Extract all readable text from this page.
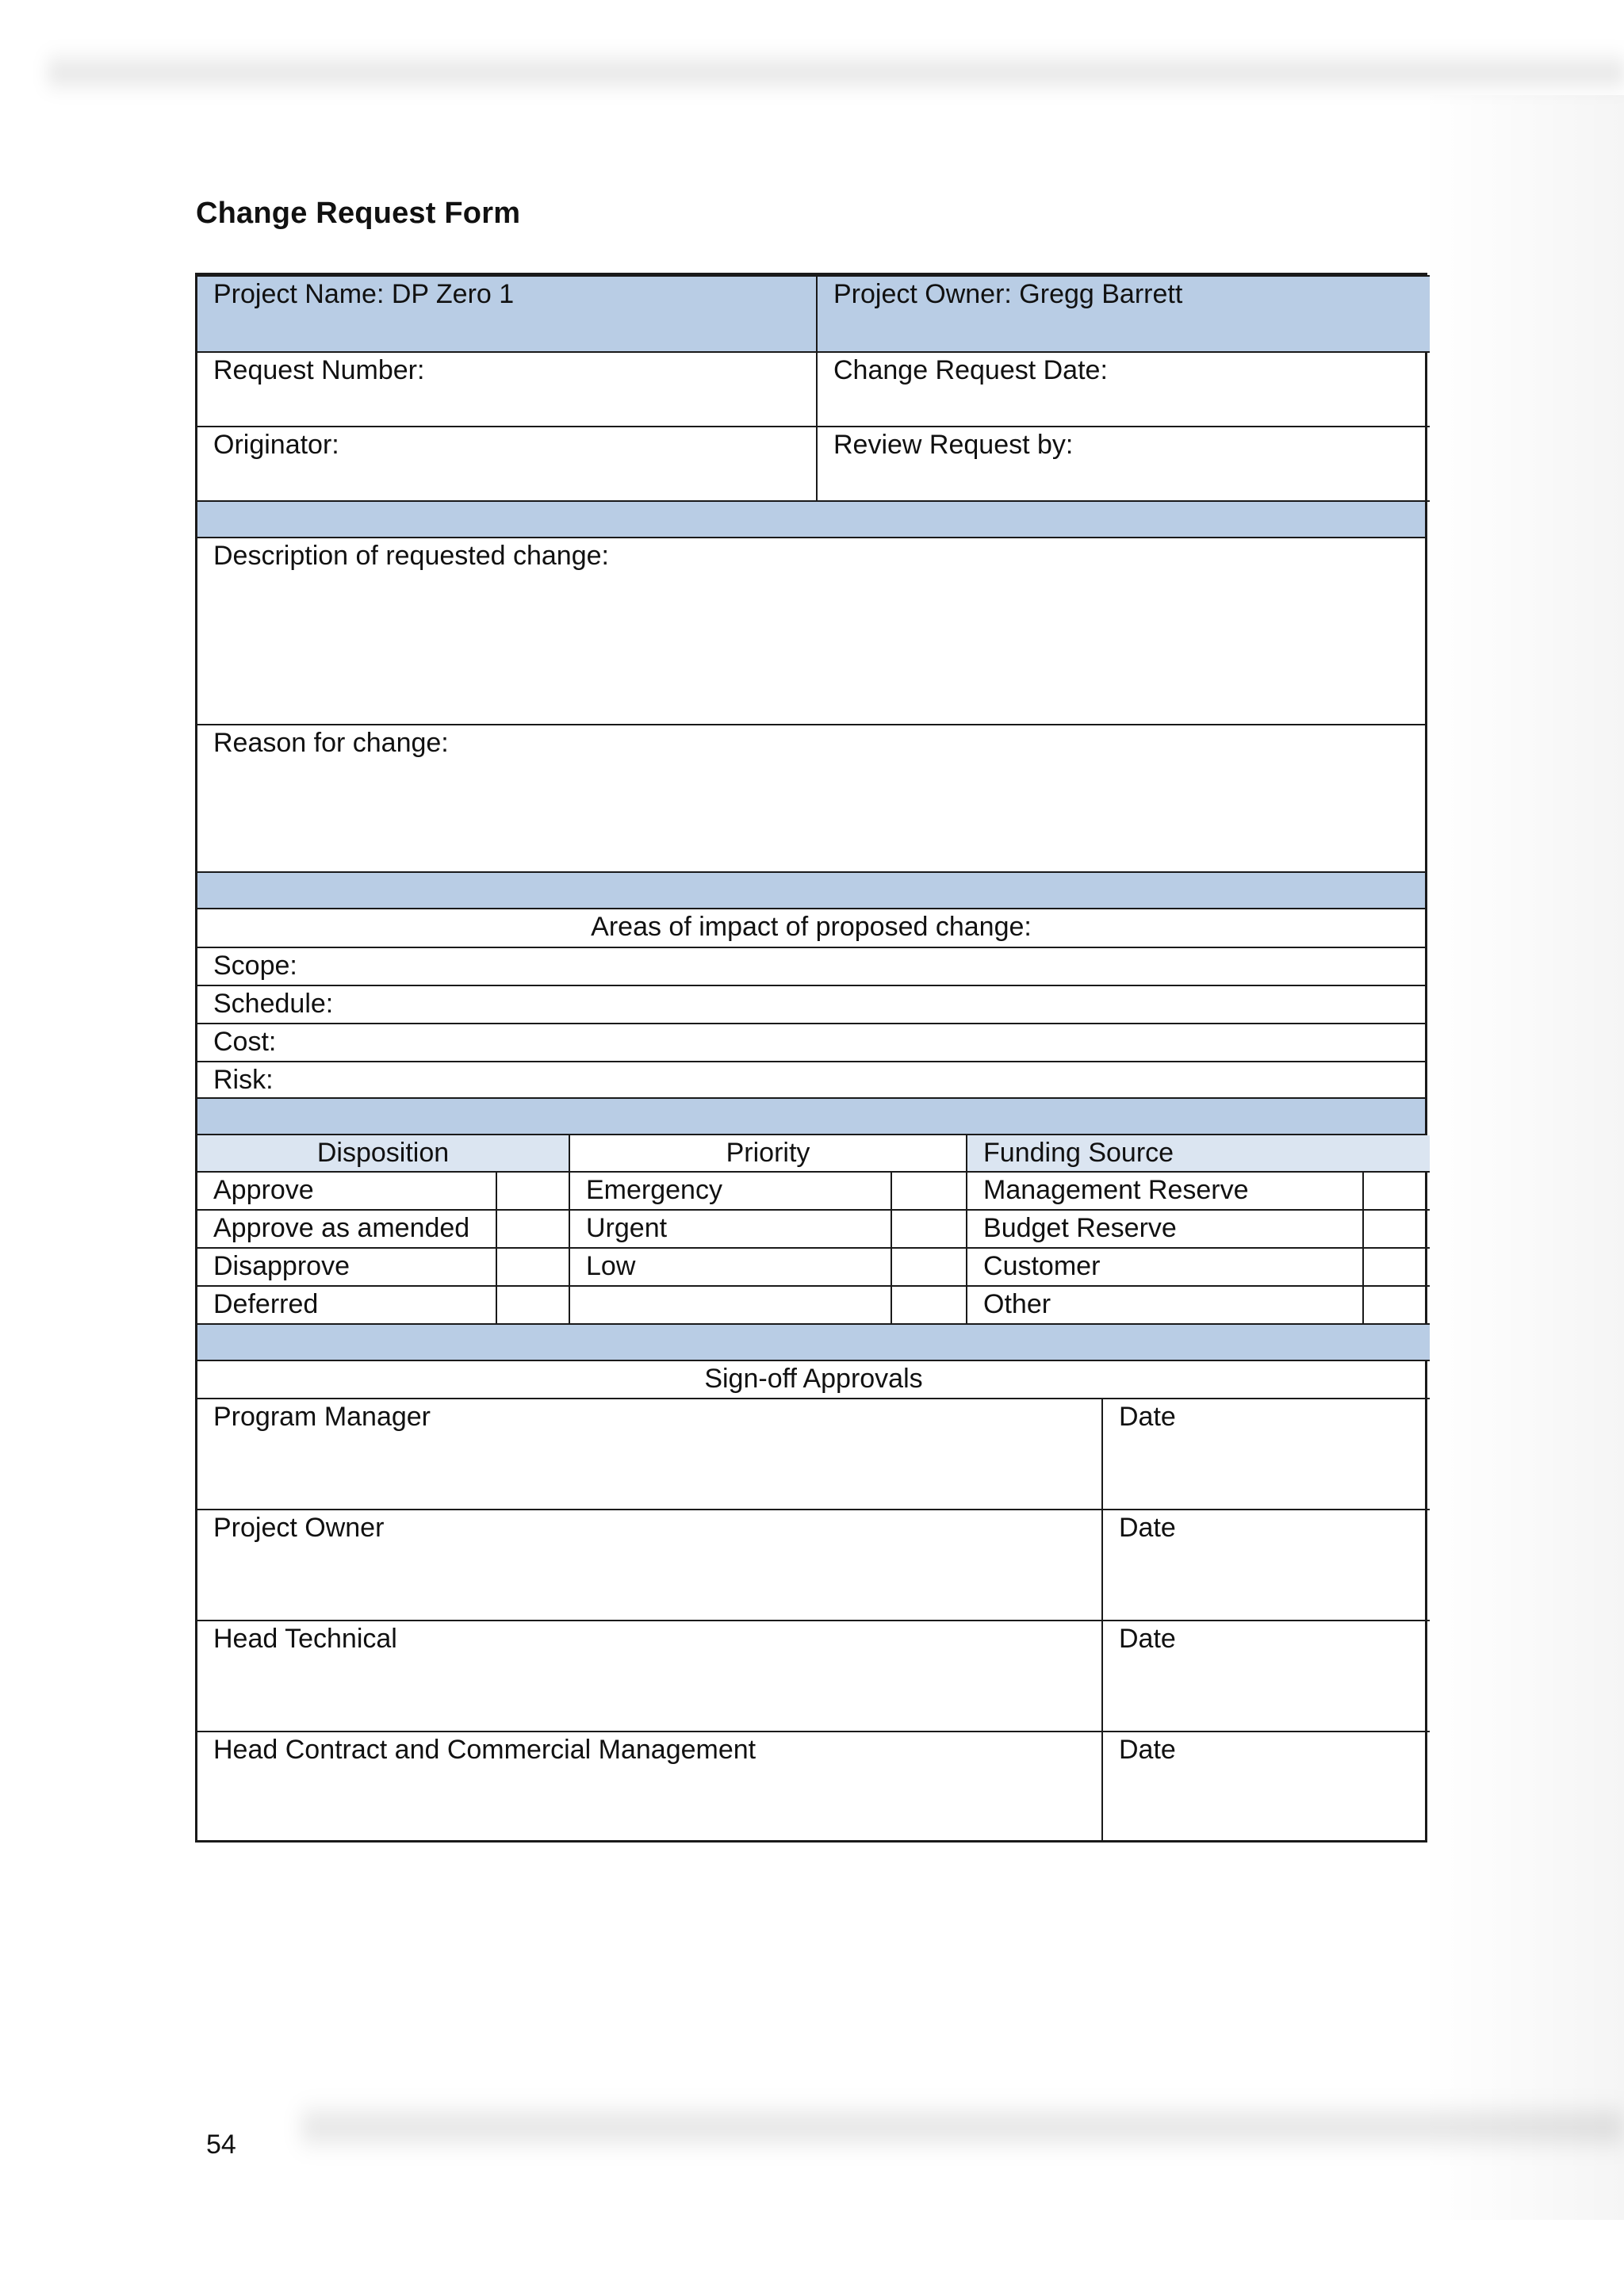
Change Request Form
Project Name: DP Zero 1	Project Owner: Gregg Barrett
Request Number:	Change Request Date:
Originator:	Review Request by:

Description of requested change:
Reason for change:

Areas of impact of proposed change:
Scope:
Schedule:
Cost:
Risk:

Disposition		Priority		Funding Source	
Approve		Emergency		Management Reserve	
Approve as amended		Urgent		Budget Reserve	
Disapprove		Low		Customer	
Deferred				Other	

Sign-off Approvals	
Program Manager	Date
Project Owner	Date
Head Technical	Date
Head Contract and Commercial Management	Date
54
